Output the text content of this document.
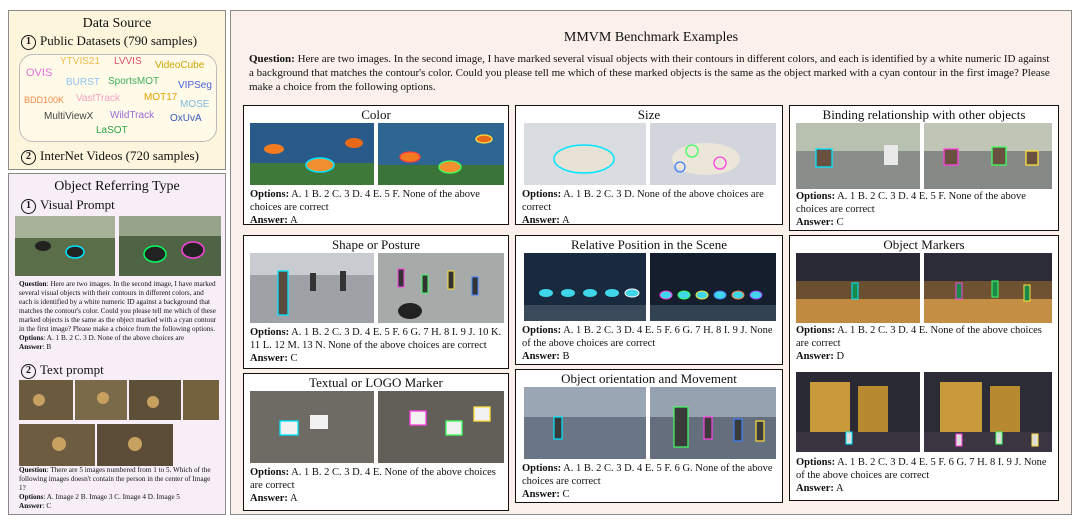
Data Source
1 Public Datasets (790 samples)
OVIS
YTVIS21 LVVIS VideoCube
BURST SportsMOT VIPSeg
BDD100K VastTrack MOT17
MOSE
MultiViewX WildTrack OxUvA
LaSOT
2 InterNet Videos (720 samples)
Object Referring Type
1 Visual Prompt
Question: Here are two images. In the second image, I have marked several visual objects with their contours in different colors, and each is identified by a white numeric ID against a background that matches the contour's color. Could you please tell me which of these marked objects is the same as the object marked with a cyan contour in the first image? Please make a choice from the following options.
Options: A. 1 B. 2 C. 3 D. None of the above choices are
Answer: B
2 Text prompt
Question: There are 5 images numbered from 1 to 5. Which of the following images doesn't contain the person in the center of Image 1?
Options: A. Image 2 B. Image 3 C. Image 4 D. Image 5
Answer: C
MMVM Benchmark Examples
Question: Here are two images. In the second image, I have marked several visual objects with their contours in different colors, and each is identified by a white numeric ID against a background that matches the contour's color. Could you please tell me which of these marked objects is the same as the object marked with a cyan contour in the first image? Please make a choice from the following options.
Color
Options: A. 1 B. 2 C. 3 D. 4 E. 5 F. None of the above choices are correct
Answer: A
Size
Options: A. 1 B. 2 C. 3 D. None of the above choices are correct
Answer: A
Binding relationship with other objects
Options: A. 1 B. 2 C. 3 D. 4 E. 5 F. None of the above choices are correct
Answer: C
Shape or Posture
Options: A. 1 B. 2 C. 3 D. 4 E. 5 F. 6 G. 7 H. 8 I. 9 J. 10 K. 11 L. 12 M. 13 N. None of the above choices are correct
Answer: C
Relative Position in the Scene
Options: A. 1 B. 2 C. 3 D. 4 E. 5 F. 6 G. 7 H. 8 I. 9 J. None of the above choices are correct
Answer: B
Object Markers
Options: A. 1 B. 2 C. 3 D. 4 E. None of the above choices are correct
Answer: D
Options: A. 1 B. 2 C. 3 D. 4 E. 5 F. 6 G. 7 H. 8 I. 9 J. None of the above choices are correct
Answer: A
Textual or LOGO Marker
Options: A. 1 B. 2 C. 3 D. 4 E. None of the above choices are correct
Answer: A
Object orientation and Movement
Options: A. 1 B. 2 C. 3 D. 4 E. 5 F. 6 G. None of the above choices are correct
Answer: C
